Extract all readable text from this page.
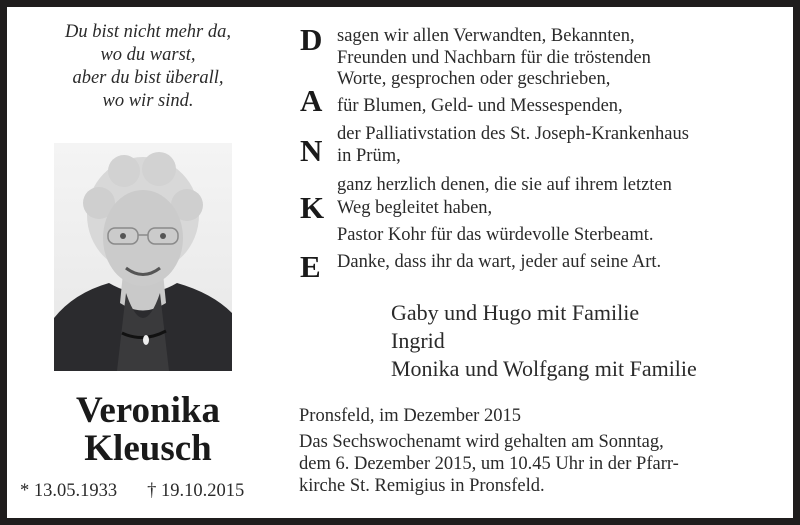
Du bist nicht mehr da,
wo du warst,
aber du bist überall,
wo wir sind.
Veronika
Kleusch
* 13.05.1933 † 19.10.2015
D
A
N
K
E
sagen wir allen Verwandten, Bekannten,
Freunden und Nachbarn für die tröstenden
Worte, gesprochen oder geschrieben,
für Blumen, Geld- und Messespenden,
der Palliativstation des St. Joseph-Krankenhaus
in Prüm,
ganz herzlich denen, die sie auf ihrem letzten
Weg begleitet haben,
Pastor Kohr für das würdevolle Sterbeamt.
Danke, dass ihr da wart, jeder auf seine Art.
Gaby und Hugo mit Familie
Ingrid
Monika und Wolfgang mit Familie
Pronsfeld, im Dezember 2015
Das Sechswochenamt wird gehalten am Sonntag,
dem 6. Dezember 2015, um 10.45 Uhr in der Pfarr-
kirche St. Remigius in Pronsfeld.
